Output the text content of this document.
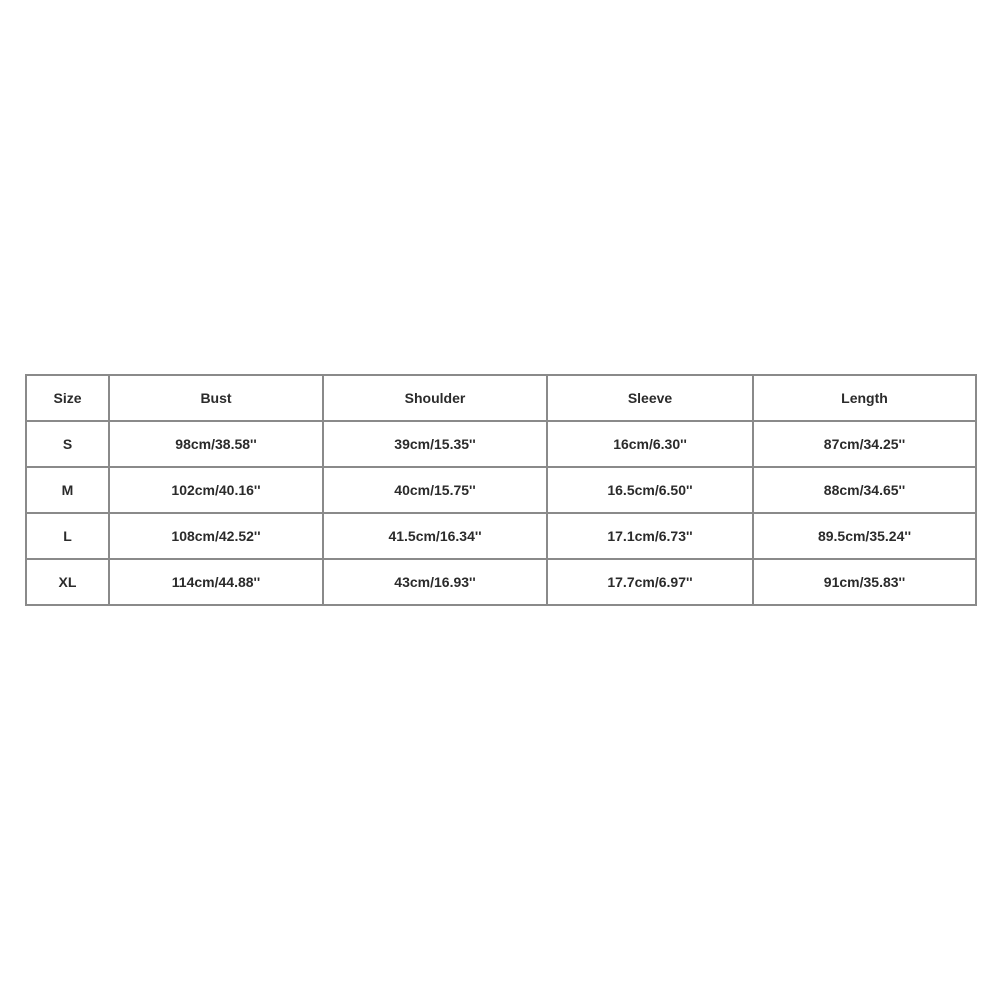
Size	Bust	Shoulder	Sleeve	Length
S	98cm/38.58''	39cm/15.35''	16cm/6.30''	87cm/34.25''
M	102cm/40.16''	40cm/15.75''	16.5cm/6.50''	88cm/34.65''
L	108cm/42.52''	41.5cm/16.34''	17.1cm/6.73''	89.5cm/35.24''
XL	114cm/44.88''	43cm/16.93''	17.7cm/6.97''	91cm/35.83''
